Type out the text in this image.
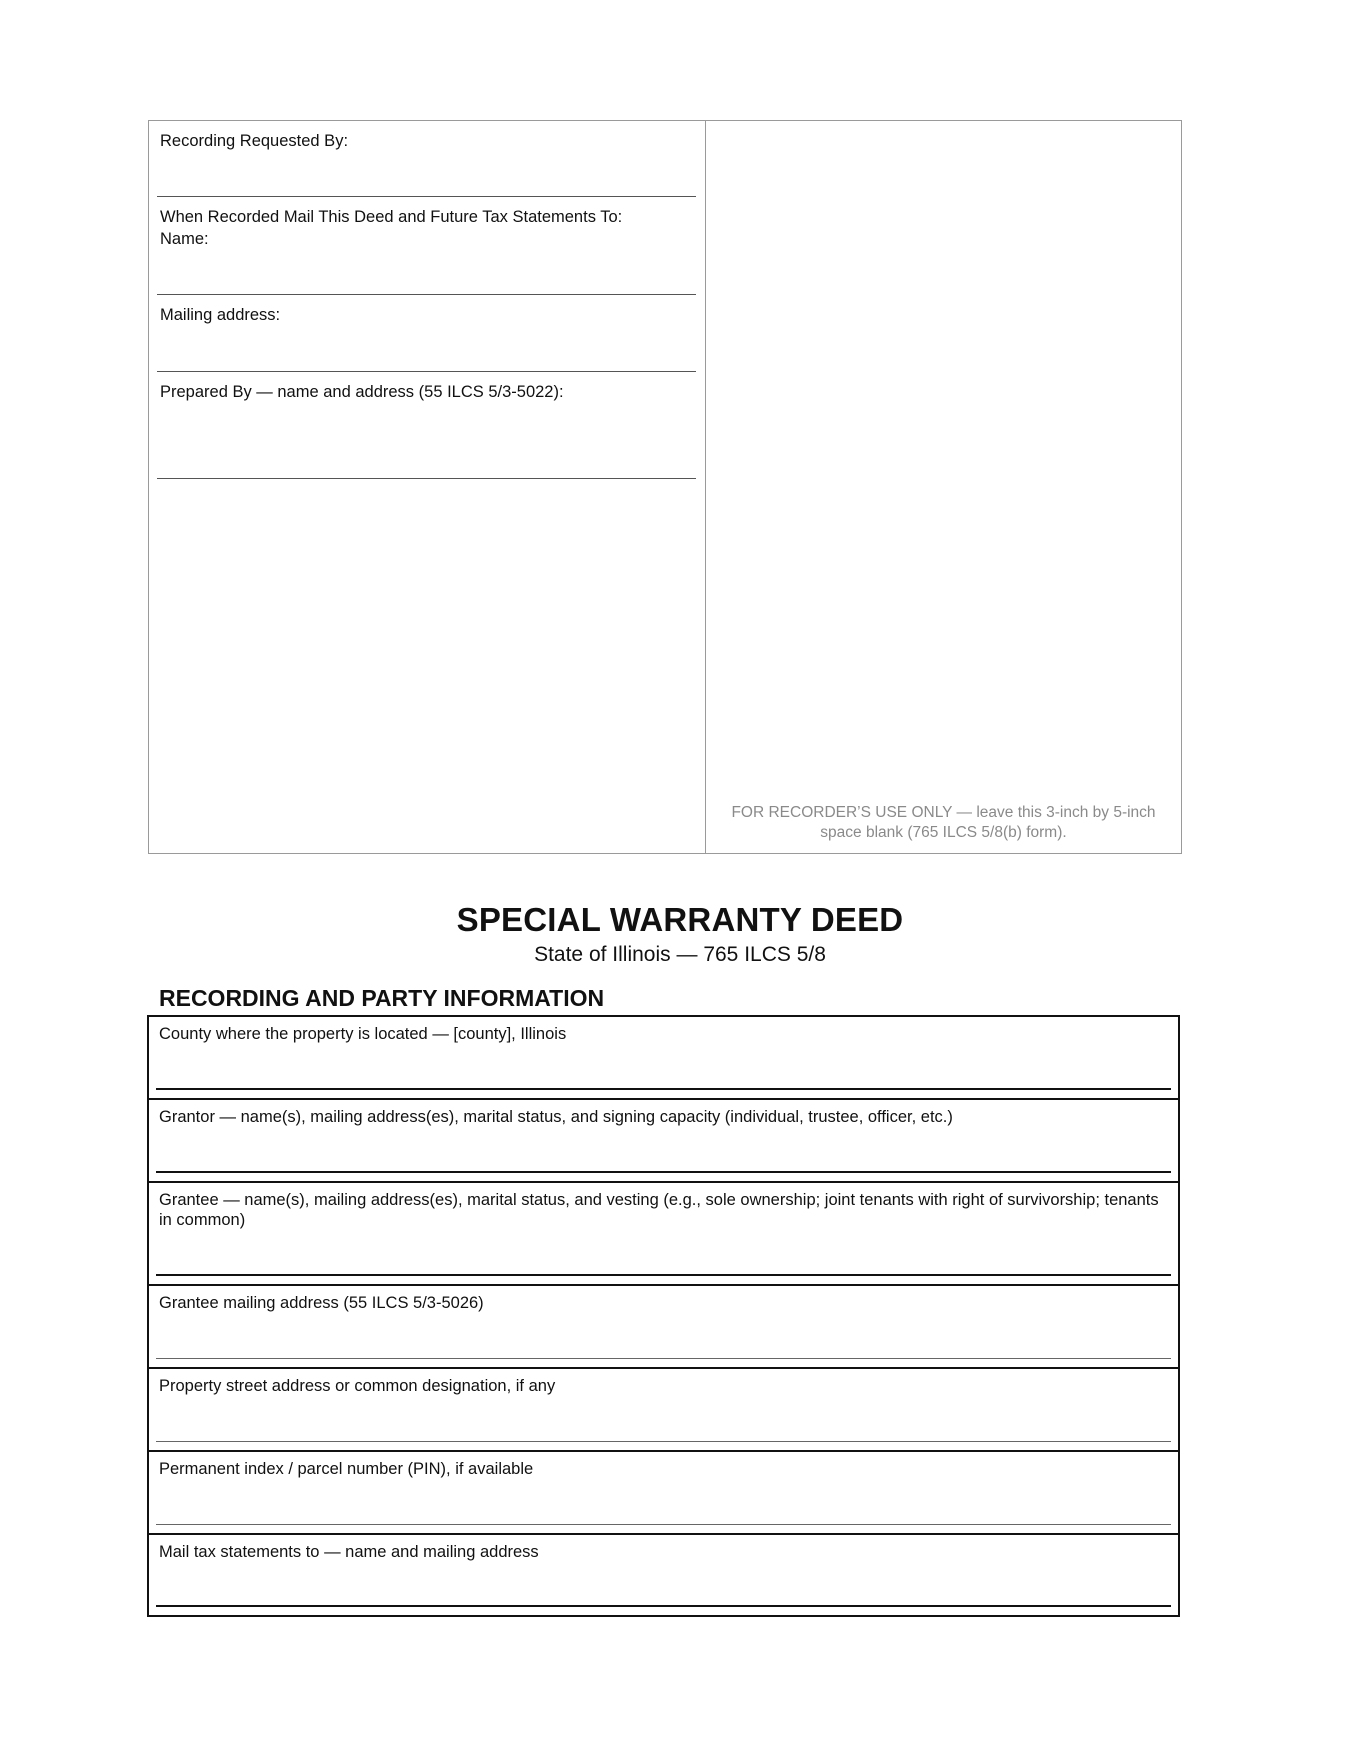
Recording Requested By:
When Recorded Mail This Deed and Future Tax Statements To:
Name:
Mailing address:
Prepared By — name and address (55 ILCS 5/3-5022):
FOR RECORDER’S USE ONLY — leave this 3-inch by 5-inch
space blank (765 ILCS 5/8(b) form).
SPECIAL WARRANTY DEED
State of Illinois — 765 ILCS 5/8
RECORDING AND PARTY INFORMATION
County where the property is located — [county], Illinois
Grantor — name(s), mailing address(es), marital status, and signing capacity (individual, trustee, officer, etc.)
Grantee — name(s), mailing address(es), marital status, and vesting (e.g., sole ownership; joint tenants with right of survivorship; tenants in common)
Grantee mailing address (55 ILCS 5/3-5026)
Property street address or common designation, if any
Permanent index / parcel number (PIN), if available
Mail tax statements to — name and mailing address
